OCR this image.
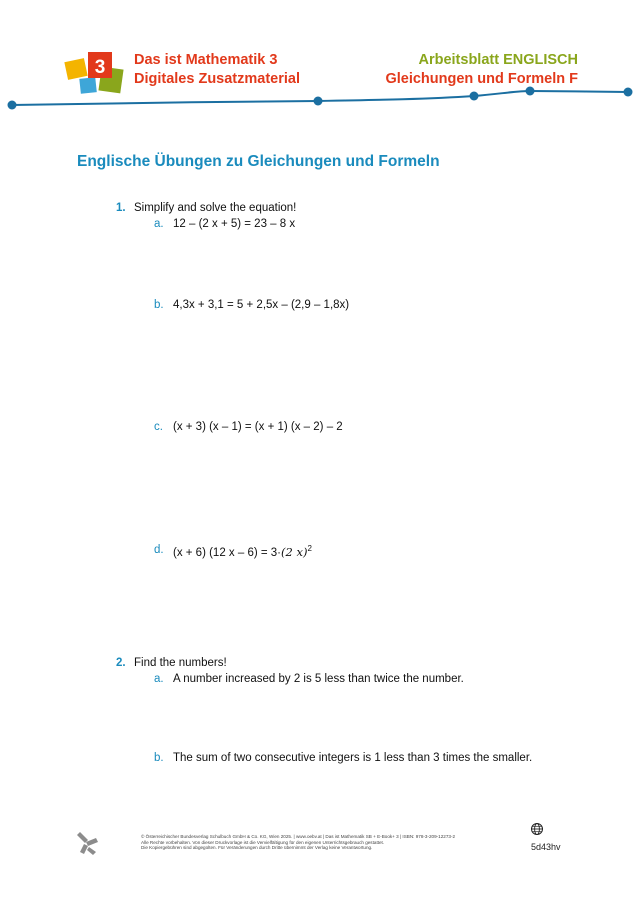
3 Das ist Mathematik 3
Digitales Zusatzmaterial
Arbeitsblatt ENGLISCH
Gleichungen und Formeln F
Englische Übungen zu Gleichungen und Formeln
1. Simplify and solve the equation!
a. 12 – (2 x + 5) = 23 – 8 x
b. 4,3x + 3,1 = 5 + 2,5x – (2,9 – 1,8x)
c. (x + 3) (x – 1) = (x + 1) (x – 2) – 2
d. (x + 6) (12 x – 6) = 3·(2 x)$^2$
2. Find the numbers!
a. A number increased by 2 is 5 less than twice the number.
b. The sum of two consecutive integers is 1 less than 3 times the smaller.
© Österreichischer Bundesverlag Schulbuch GmbH & Co. KG, Wien 2025. | www.oebv.at | Das ist Mathematik SB + E-Book+ 3 | ISBN: 978-3-209-12273-2
Alle Rechte vorbehalten. Von dieser Druckvorlage ist die Vervielfältigung für den eigenen Unterrichtsgebrauch gestattet.
Die Kopiergebühren sind abgegolten. Für Veränderungen durch Dritte übernimmt der Verlag keine Verantwortung.	5d43hv
